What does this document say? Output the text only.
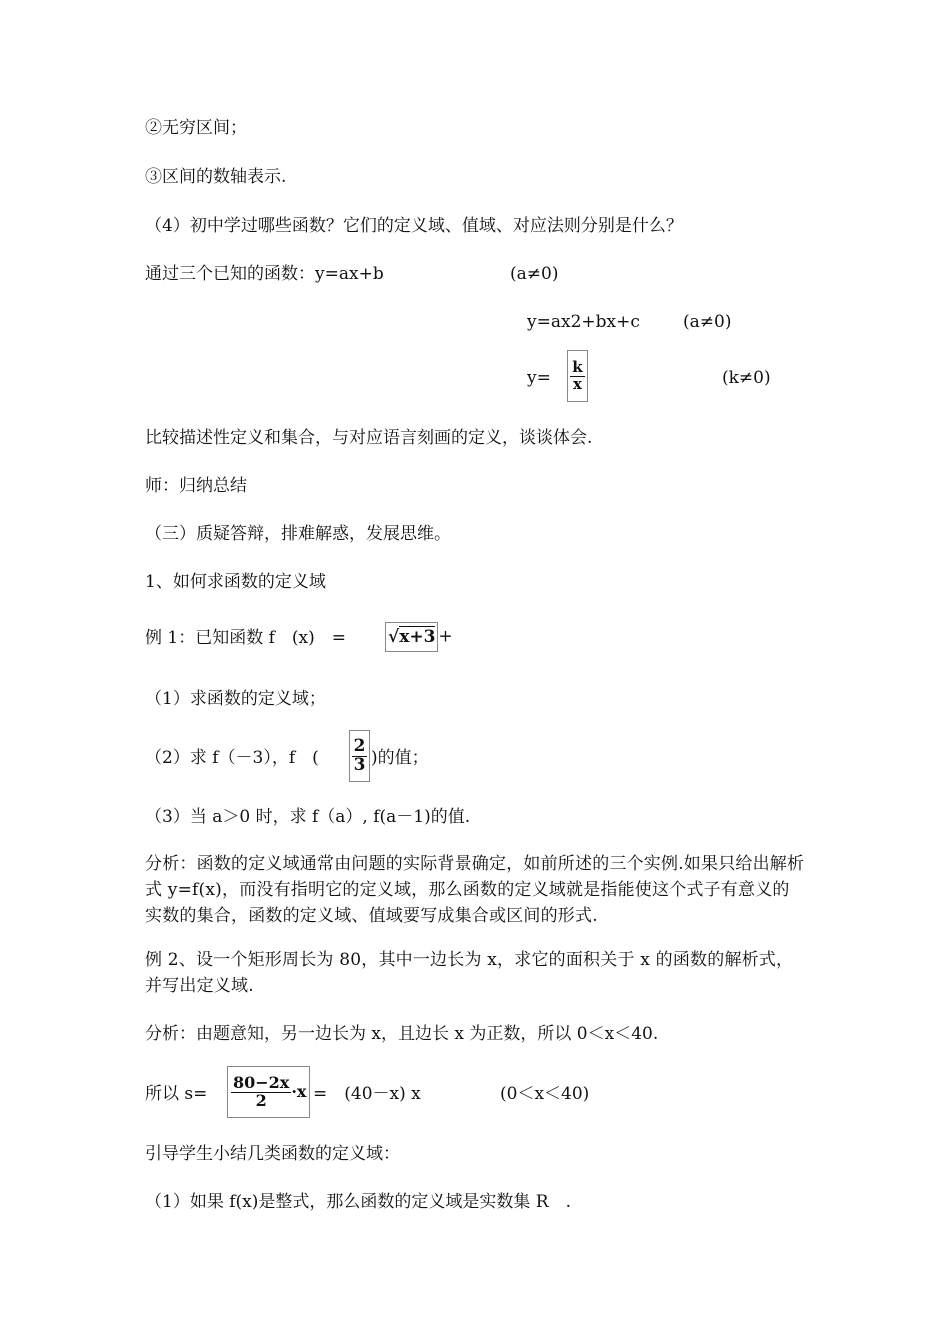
②无穷区间；
③区间的数轴表示.
（4）初中学过哪些函数？它们的定义域、值域、对应法则分别是什么？
通过三个已知的函数：y=ax+b	(a≠0)
y=ax2+bx+c	(a≠0)
$y= \frac{k}{x}$	(k≠0)
比较描述性定义和集合，与对应语言刻画的定义，谈谈体会.
师：归纳总结
（三）质疑答辩，排难解惑，发展思维。
1、如何求函数的定义域
例 1：已知函数 f　(x)　= √x+3 +
（1）求函数的定义域；
（2）求 f（－3），f　( $\frac{2}{3}$ )的值；
（3）当 a＞0 时，求 f（a）, f(a－1)的值.
分析：函数的定义域通常由问题的实际背景确定，如前所述的三个实例.如果只给出解析式 y=f(x)，而没有指明它的定义域，那么函数的定义域就是指能使这个式子有意义的实数的集合，函数的定义域、值域要写成集合或区间的形式.
例 2、设一个矩形周长为 80，其中一边长为 x，求它的面积关于 x 的函数的解析式，并写出定义域.
分析：由题意知，另一边长为 x，且边长 x 为正数，所以 0＜x＜40.
所以 $s= \frac{80-2x}{2} \cdot x$ =　(40－x) x	(0＜x＜40)
引导学生小结几类函数的定义域：
（1）如果 f(x)是整式，那么函数的定义域是实数集 R　.
